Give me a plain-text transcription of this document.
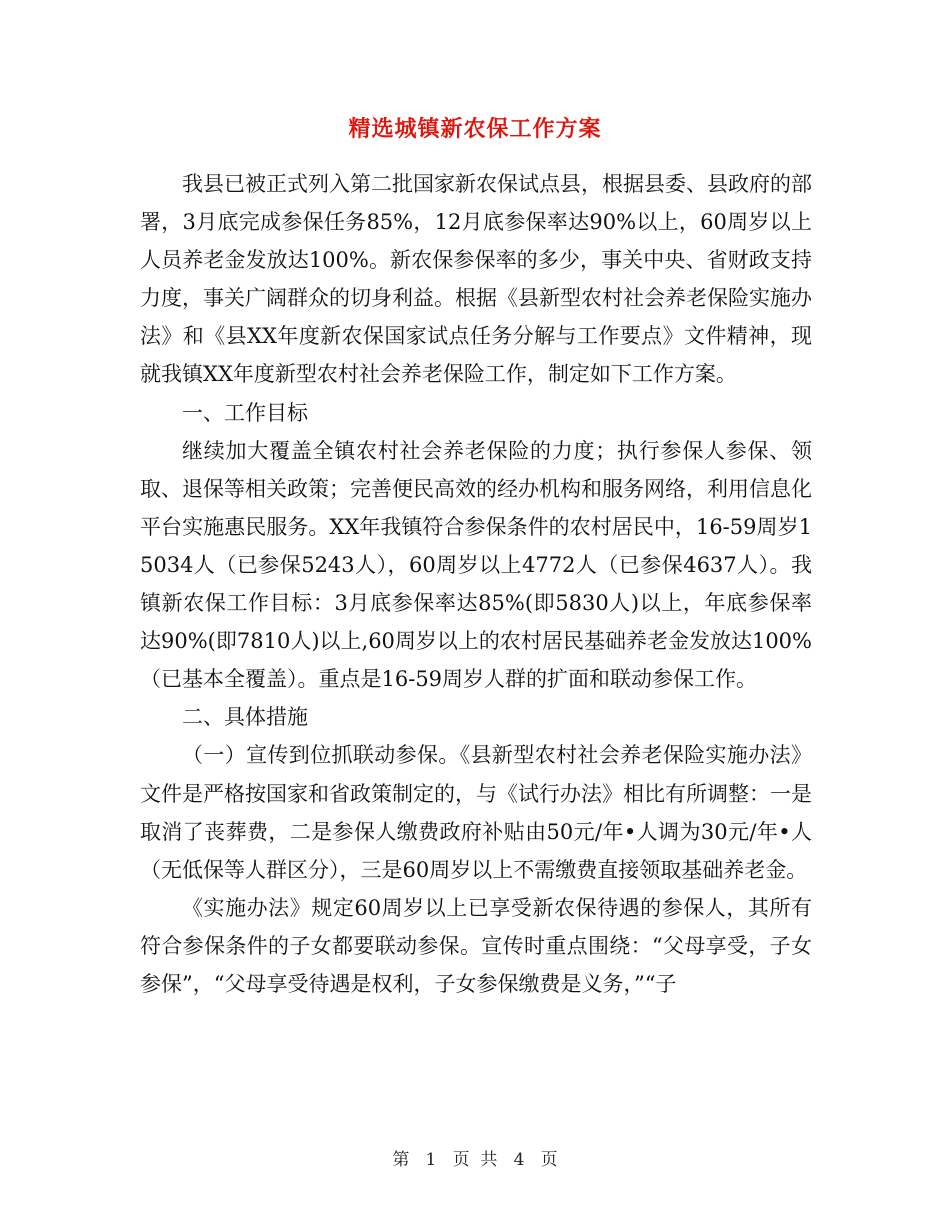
精选城镇新农保工作方案

我县已被正式列入第二批国家新农保试点县，根据县委、县政府的部署，3月底完成参保任务85%，12月底参保率达90%以上，60周岁以上人员养老金发放达100%。新农保参保率的多少，事关中央、省财政支持力度，事关广阔群众的切身利益。根据《县新型农村社会养老保险实施办法》和《县XX年度新农保国家试点任务分解与工作要点》文件精神，现就我镇XX年度新型农村社会养老保险工作，制定如下工作方案。

一、工作目标

继续加大覆盖全镇农村社会养老保险的力度；执行参保人参保、领取、退保等相关政策；完善便民高效的经办机构和服务网络，利用信息化平台实施惠民服务。XX年我镇符合参保条件的农村居民中，16-59周岁15034人（已参保5243人），60周岁以上4772人（已参保4637人）。我镇新农保工作目标：3月底参保率达85%(即5830人)以上，年底参保率达90%(即7810人)以上,60周岁以上的农村居民基础养老金发放达100%（已基本全覆盖）。重点是16-59周岁人群的扩面和联动参保工作。

二、具体措施

（一）宣传到位抓联动参保。《县新型农村社会养老保险实施办法》文件是严格按国家和省政策制定的，与《试行办法》相比有所调整：一是取消了丧葬费，二是参保人缴费政府补贴由50元/年•人调为30元/年•人（无低保等人群区分），三是60周岁以上不需缴费直接领取基础养老金。

《实施办法》规定60周岁以上已享受新农保待遇的参保人，其所有符合参保条件的子女都要联动参保。宣传时重点围绕：“父母享受，子女参保”，“父母享受待遇是权利，子女参保缴费是义务，”“子

第 1 页  共 4 页
